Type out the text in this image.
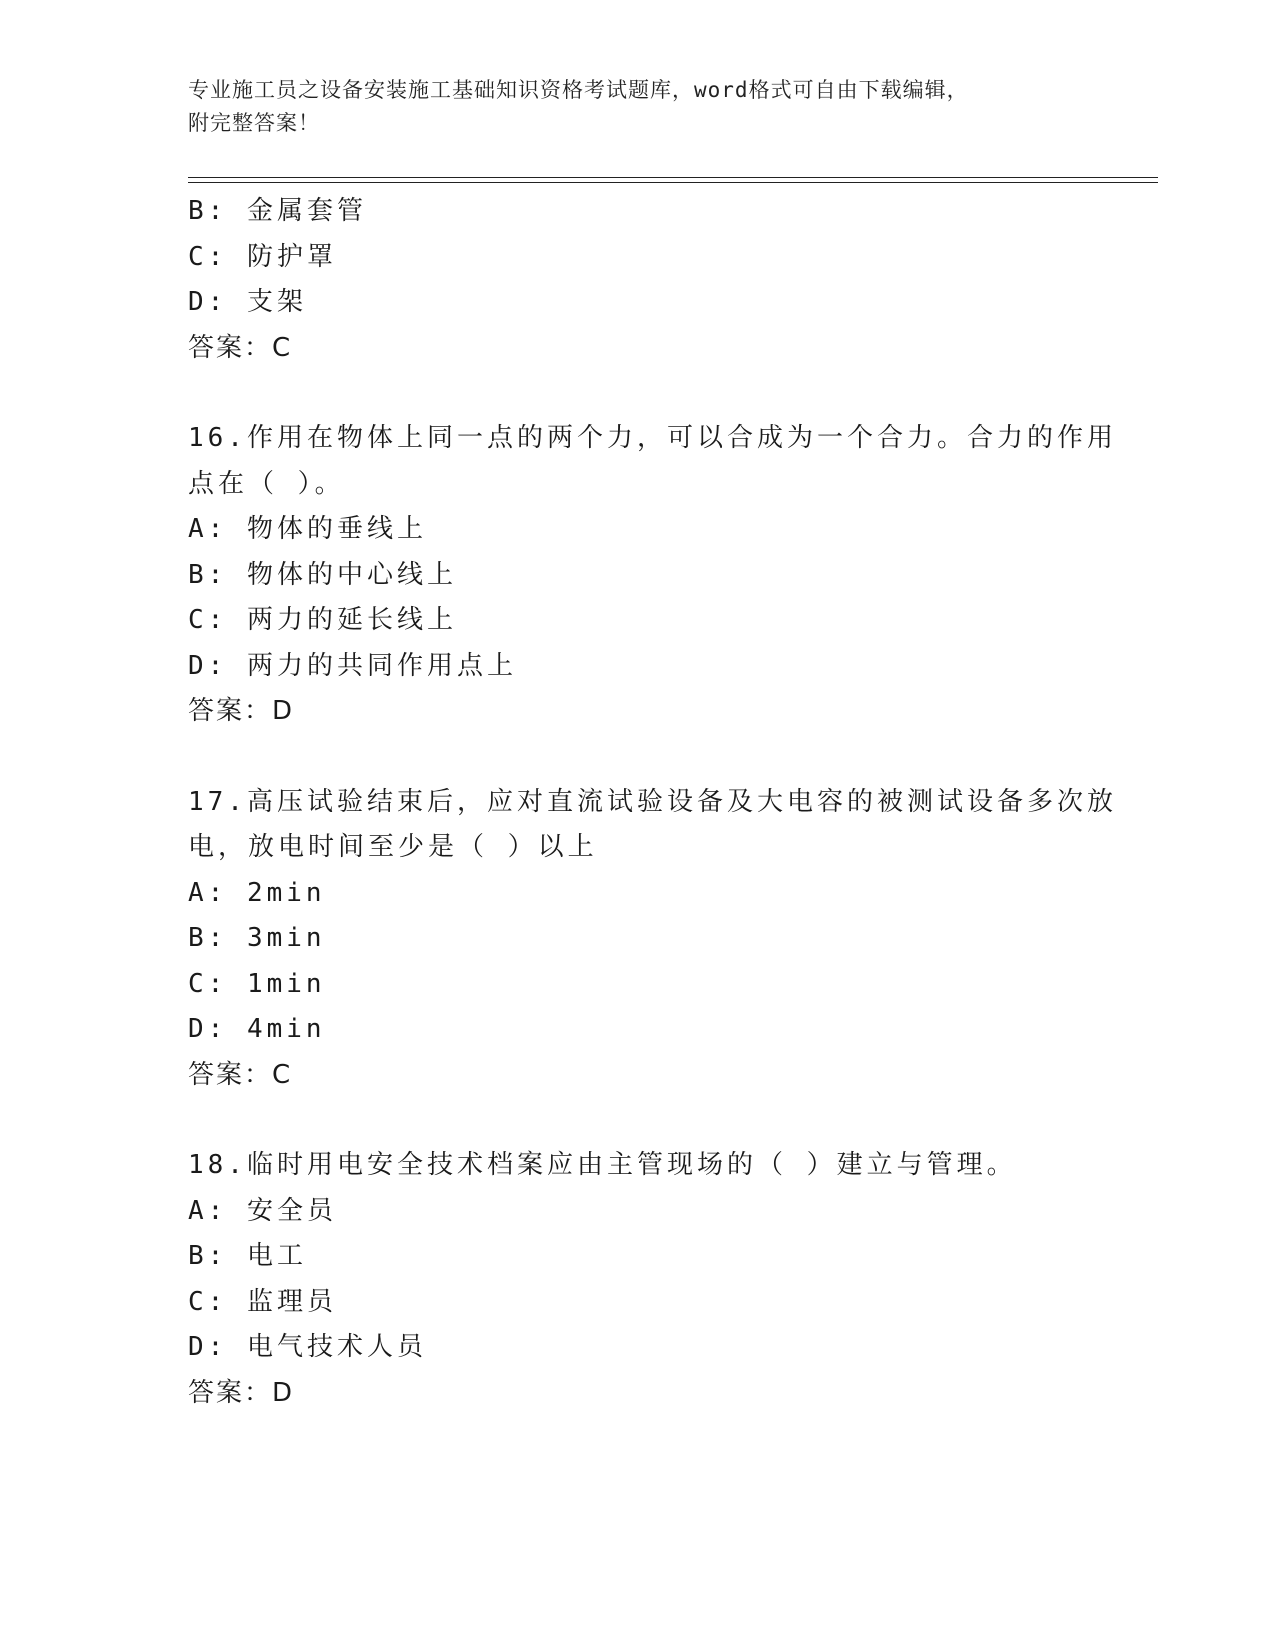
专业施工员之设备安装施工基础知识资格考试题库，word格式可自由下载编辑，
附完整答案！
B: 金属套管
C: 防护罩
D: 支架
答案：C
16.作用在物体上同一点的两个力，可以合成为一个合力。合力的作用
点在（ ）。
A: 物体的垂线上
B: 物体的中心线上
C: 两力的延长线上
D: 两力的共同作用点上
答案：D
17.高压试验结束后，应对直流试验设备及大电容的被测试设备多次放
电，放电时间至少是（ ）以上
A: 2min
B: 3min
C: 1min
D: 4min
答案：C
18.临时用电安全技术档案应由主管现场的（ ）建立与管理。
A: 安全员
B: 电工
C: 监理员
D: 电气技术人员
答案：D
